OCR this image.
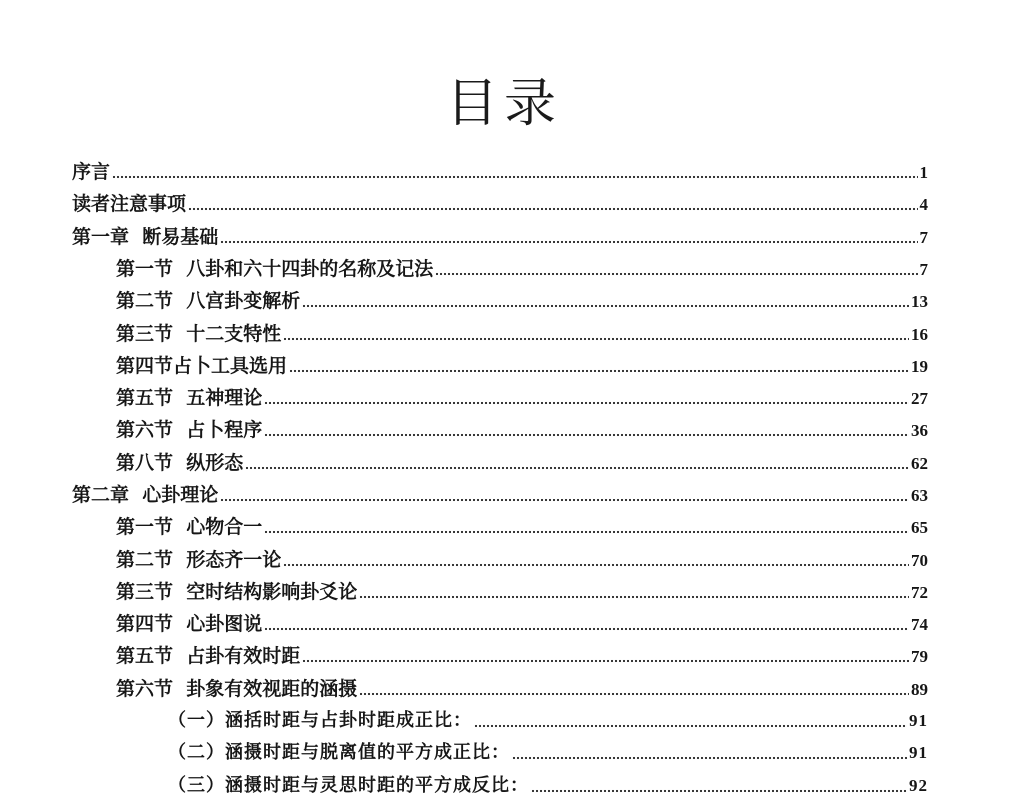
目录
序言	1
读者注意事项	4
第一章  断易基础	7
第一节  八卦和六十四卦的名称及记法	7
第二节  八宫卦变解析	13
第三节  十二支特性	16
第四节占卜工具选用	19
第五节  五神理论	27
第六节  占卜程序	36
第八节  纵形态	62
第二章  心卦理论	63
第一节  心物合一	65
第二节  形态齐一论	70
第三节  空时结构影响卦爻论	72
第四节  心卦图说	74
第五节  占卦有效时距	79
第六节  卦象有效视距的涵摄	89
（一）涵括时距与占卦时距成正比：	91
（二）涵摄时距与脱离值的平方成正比：	91
（三）涵摄时距与灵思时距的平方成反比：	92
